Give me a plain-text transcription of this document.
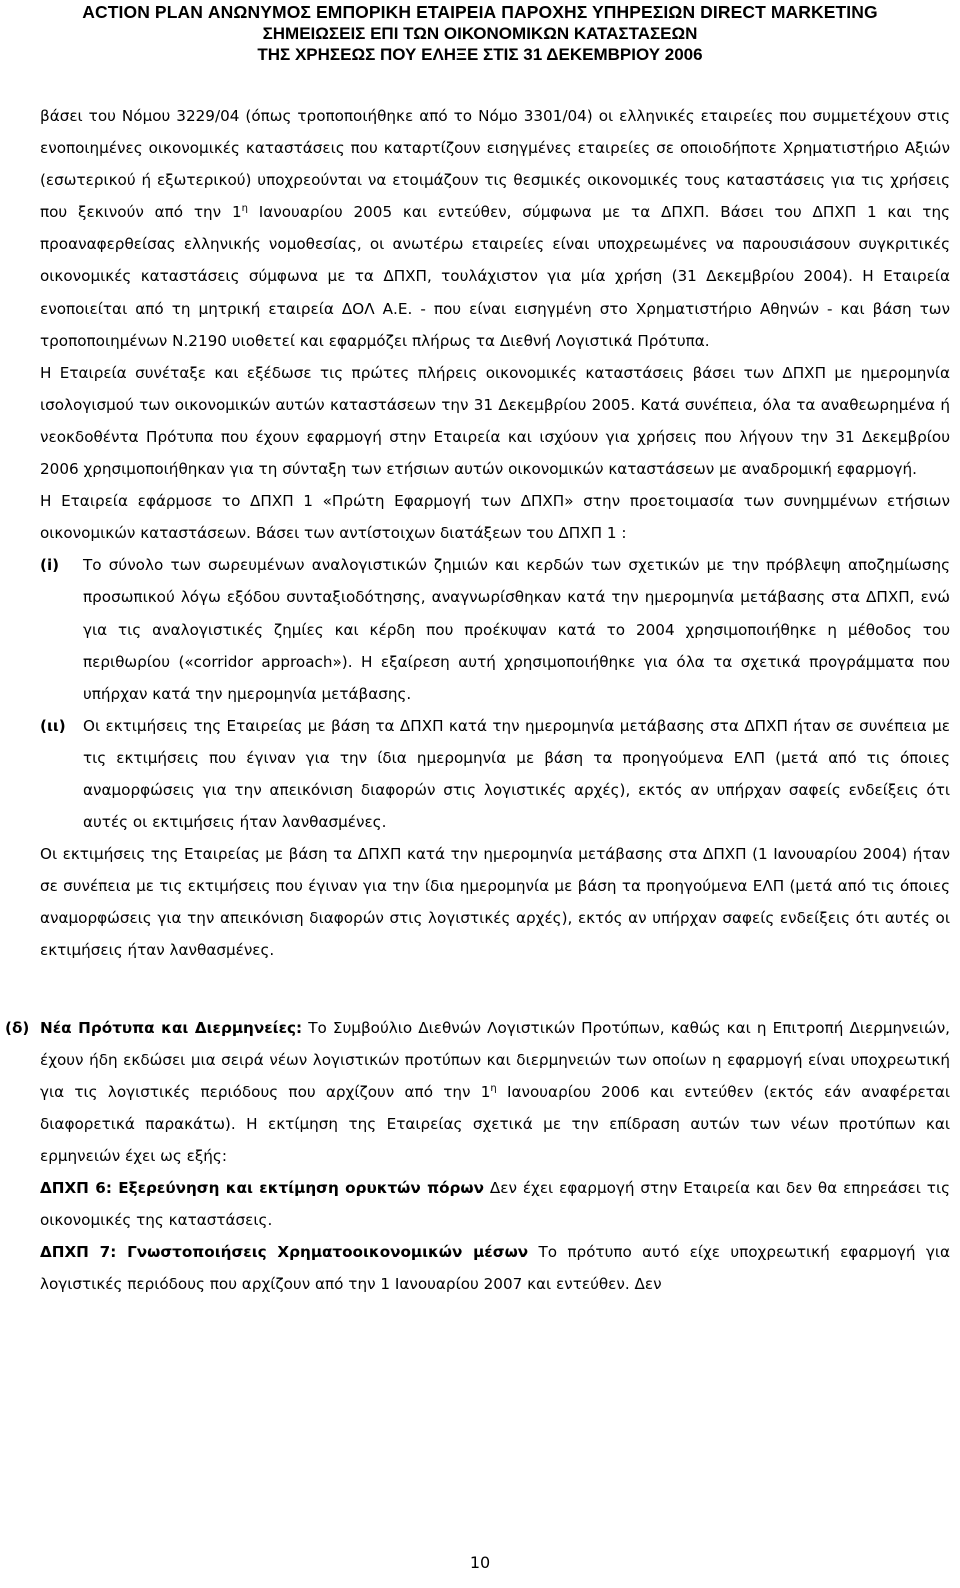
ACTION PLAN ΑΝΩΝΥΜΟΣ ΕΜΠΟΡΙΚΗ ΕΤΑΙΡΕΙΑ ΠΑΡΟΧΗΣ ΥΠΗΡΕΣΙΩΝ DIRECT MARKETING
ΣΗΜΕΙΩΣΕΙΣ ΕΠΙ ΤΩΝ ΟΙΚΟΝΟΜΙΚΩΝ ΚΑΤΑΣΤΑΣΕΩΝ
ΤΗΣ ΧΡΗΣΕΩΣ ΠΟΥ ΕΛΗΞΕ ΣΤΙΣ 31 ΔΕΚΕΜΒΡΙΟΥ 2006

βάσει του Νόμου 3229/04 (όπως τροποποιήθηκε από το Νόμο 3301/04) οι ελληνικές εταιρείες που συμμετέχουν στις ενοποιημένες οικονομικές καταστάσεις που καταρτίζουν εισηγμένες εταιρείες σε οποιοδήποτε Χρηματιστήριο Αξιών (εσωτερικού ή εξωτερικού) υποχρεούνται να ετοιμάζουν τις θεσμικές οικονομικές τους καταστάσεις για τις χρήσεις που ξεκινούν από την $1^\eta$ Ιανουαρίου 2005 και εντεύθεν, σύμφωνα με τα ΔΠΧΠ. Βάσει του ΔΠΧΠ 1 και της προαναφερθείσας ελληνικής νομοθεσίας, οι ανωτέρω εταιρείες είναι υποχρεωμένες να παρουσιάσουν συγκριτικές οικονομικές καταστάσεις σύμφωνα με τα ΔΠΧΠ, τουλάχιστον για μία χρήση (31 Δεκεμβρίου 2004). Η Εταιρεία ενοποιείται από τη μητρική εταιρεία ΔΟΛ Α.Ε. - που είναι εισηγμένη στο Χρηματιστήριο Αθηνών - και βάση των τροποποιημένων Ν.2190 υιοθετεί και εφαρμόζει πλήρως τα Διεθνή Λογιστικά Πρότυπα.

Η Εταιρεία συνέταξε και εξέδωσε τις πρώτες πλήρεις οικονομικές καταστάσεις βάσει των ΔΠΧΠ με ημερομηνία ισολογισμού των οικονομικών αυτών καταστάσεων την 31 Δεκεμβρίου 2005. Κατά συνέπεια, όλα τα αναθεωρημένα ή νεοκδοθέντα Πρότυπα που έχουν εφαρμογή στην Εταιρεία και ισχύουν για χρήσεις που λήγουν την 31 Δεκεμβρίου 2006 χρησιμοποιήθηκαν για τη σύνταξη των ετήσιων αυτών οικονομικών καταστάσεων με αναδρομική εφαρμογή.

Η Εταιρεία εφάρμοσε το ΔΠΧΠ 1 «Πρώτη Εφαρμογή των ΔΠΧΠ» στην προετοιμασία των συνημμένων ετήσιων οικονομικών καταστάσεων. Βάσει των αντίστοιχων διατάξεων του ΔΠΧΠ 1 :

(i)	Το σύνολο των σωρευμένων αναλογιστικών ζημιών και κερδών των σχετικών με την πρόβλεψη αποζημίωσης προσωπικού λόγω εξόδου συνταξιοδότησης, αναγνωρίσθηκαν κατά την ημερομηνία μετάβασης στα ΔΠΧΠ, ενώ για τις αναλογιστικές ζημίες και κέρδη που προέκυψαν κατά το 2004 χρησιμοποιήθηκε η μέθοδος του περιθωρίου («corridor approach»). Η εξαίρεση αυτή χρησιμοποιήθηκε για όλα τα σχετικά προγράμματα που υπήρχαν κατά την ημερομηνία μετάβασης.
(ιι)	Οι εκτιμήσεις της Εταιρείας με βάση τα ΔΠΧΠ κατά την ημερομηνία μετάβασης στα ΔΠΧΠ ήταν σε συνέπεια με τις εκτιμήσεις που έγιναν για την ίδια ημερομηνία με βάση τα προηγούμενα ΕΛΠ (μετά από τις όποιες αναμορφώσεις για την απεικόνιση διαφορών στις λογιστικές αρχές), εκτός αν υπήρχαν σαφείς ενδείξεις ότι αυτές οι εκτιμήσεις ήταν λανθασμένες.

Οι εκτιμήσεις της Εταιρείας με βάση τα ΔΠΧΠ κατά την ημερομηνία μετάβασης στα ΔΠΧΠ (1 Ιανουαρίου 2004) ήταν σε συνέπεια με τις εκτιμήσεις που έγιναν για την ίδια ημερομηνία με βάση τα προηγούμενα ΕΛΠ (μετά από τις όποιες αναμορφώσεις για την απεικόνιση διαφορών στις λογιστικές αρχές), εκτός αν υπήρχαν σαφείς ενδείξεις ότι αυτές οι εκτιμήσεις ήταν λανθασμένες.

(δ) Νέα Πρότυπα και Διερμηνείες: Το Συμβούλιο Διεθνών Λογιστικών Προτύπων, καθώς και η Επιτροπή Διερμηνειών, έχουν ήδη εκδώσει μια σειρά νέων λογιστικών προτύπων και διερμηνειών των οποίων η εφαρμογή είναι υποχρεωτική για τις λογιστικές περιόδους που αρχίζουν από την $1^\eta$ Ιανουαρίου 2006 και εντεύθεν (εκτός εάν αναφέρεται διαφορετικά παρακάτω). Η εκτίμηση της Εταιρείας σχετικά με την επίδραση αυτών των νέων προτύπων και ερμηνειών έχει ως εξής:

ΔΠΧΠ 6: Εξερεύνηση και εκτίμηση ορυκτών πόρων Δεν έχει εφαρμογή στην Εταιρεία και δεν θα επηρεάσει τις οικονομικές της καταστάσεις.

ΔΠΧΠ 7: Γνωστοποιήσεις Χρηματοοικονομικών μέσων Το πρότυπο αυτό είχε υποχρεωτική εφαρμογή για λογιστικές περιόδους που αρχίζουν από την 1 Ιανουαρίου 2007 και εντεύθεν. Δεν

10
